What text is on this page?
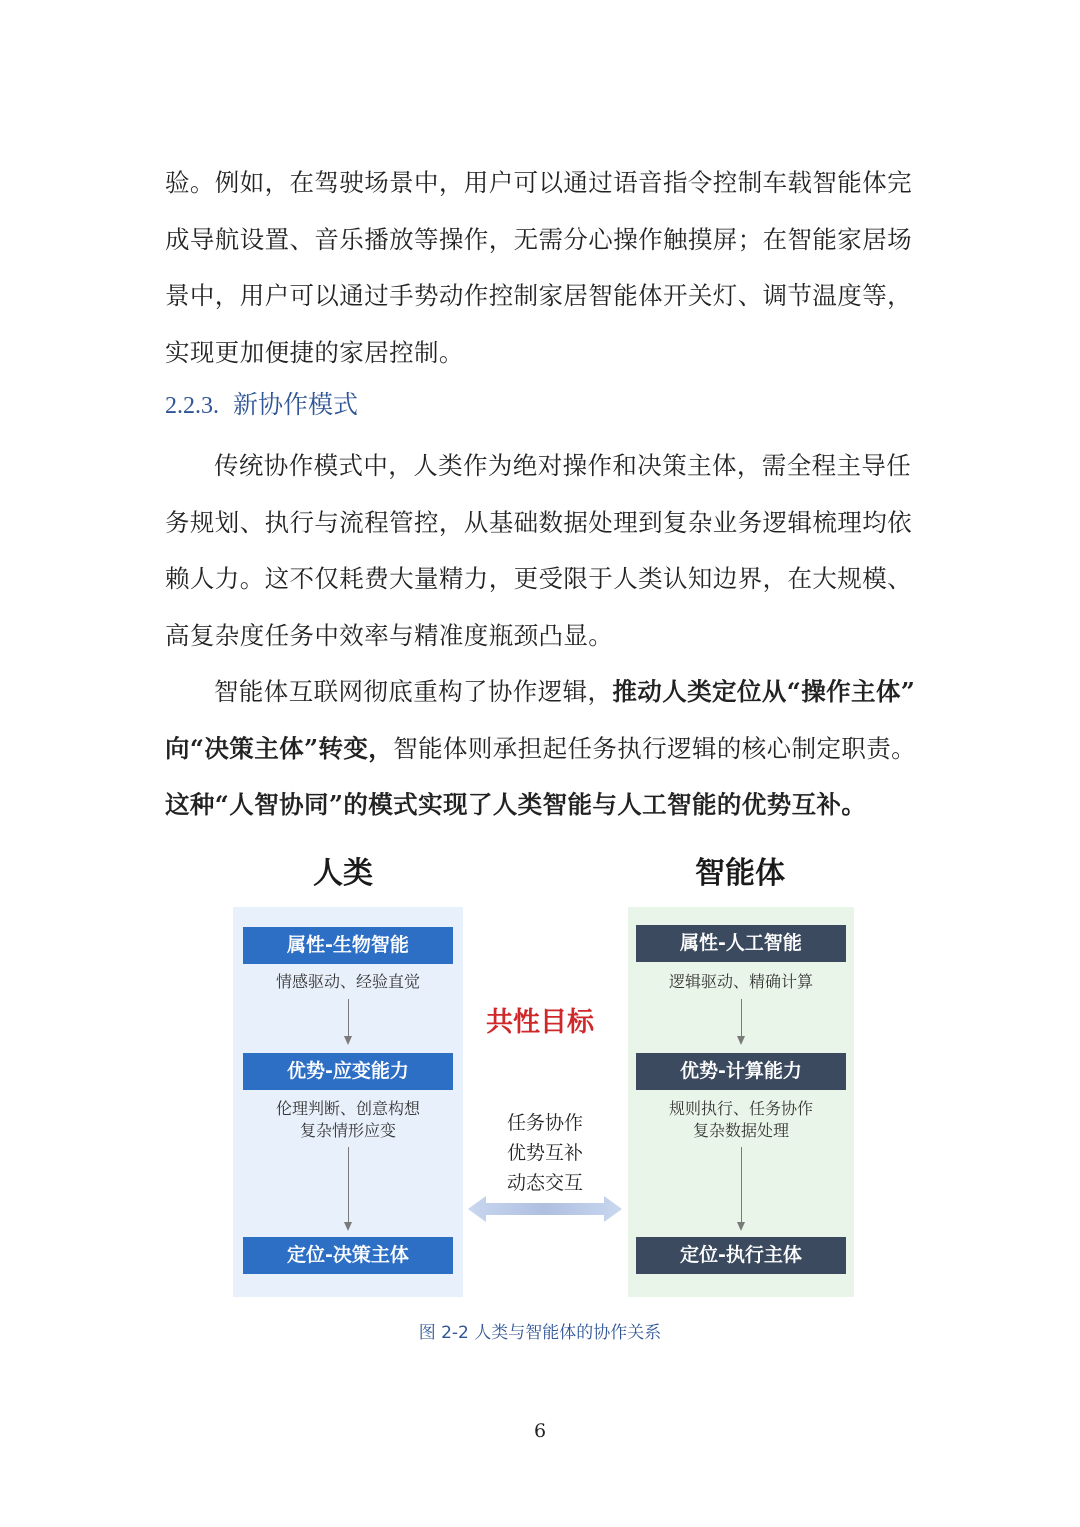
验。例如，在驾驶场景中，用户可以通过语音指令控制车载智能体完
成导航设置、音乐播放等操作，无需分心操作触摸屏；在智能家居场
景中，用户可以通过手势动作控制家居智能体开关灯、调节温度等，
实现更加便捷的家居控制。
2.2.3. 新协作模式
传统协作模式中，人类作为绝对操作和决策主体，需全程主导任
务规划、执行与流程管控，从基础数据处理到复杂业务逻辑梳理均依
赖人力。这不仅耗费大量精力，更受限于人类认知边界，在大规模、
高复杂度任务中效率与精准度瓶颈凸显。
智能体互联网彻底重构了协作逻辑，推动人类定位从“操作主体”
向“决策主体”转变，智能体则承担起任务执行逻辑的核心制定职责。
这种“人智协同”的模式实现了人类智能与人工智能的优势互补。
人类	智能体
属性-生物智能
情感驱动、经验直觉
优势-应变能力
伦理判断、创意构想
复杂情形应变
定位-决策主体
共性目标
任务协作
优势互补
动态交互
属性-人工智能
逻辑驱动、精确计算
优势-计算能力
规则执行、任务协作
复杂数据处理
定位-执行主体
图 2-2 人类与智能体的协作关系
6
